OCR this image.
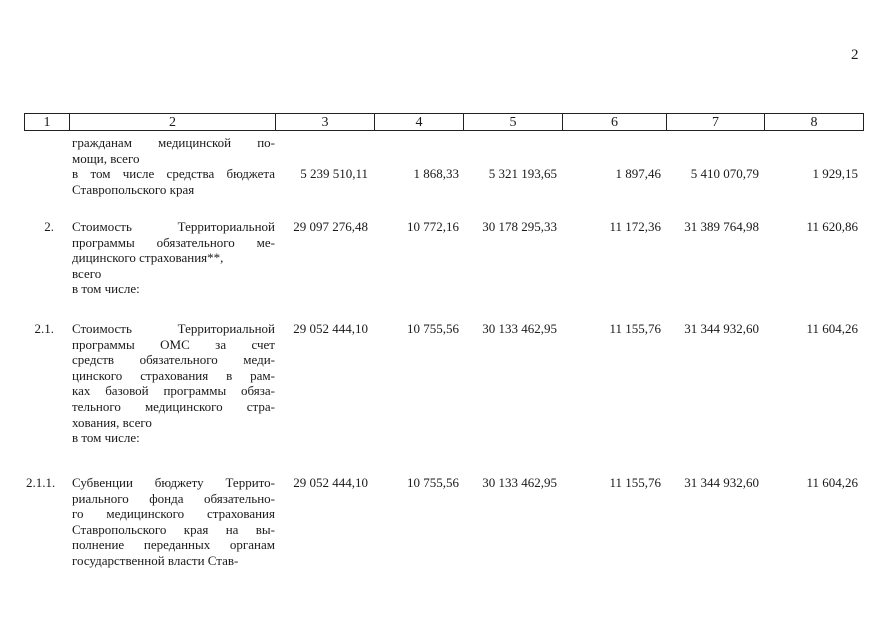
2
1	2	3	4	5	6	7	8
гражданам медицинской по-
мощи, всего
в том числе средства бюджета
Ставропольского края
5 239 510,11	1 868,33	5 321 193,65	1 897,46	5 410 070,79	1 929,15
2. Стоимость Территориальной
программы обязательного ме-
дицинского страхования**,
всего
в том числе:
29 097 276,48	10 772,16	30 178 295,33	11 172,36	31 389 764,98	11 620,86
2.1. Стоимость Территориальной
программы ОМС за счет
средств обязательного меди-
цинского страхования в рам-
ках базовой программы обяза-
тельного медицинского стра-
хования, всего
в том числе:
29 052 444,10	10 755,56	30 133 462,95	11 155,76	31 344 932,60	11 604,26
2.1.1. Субвенции бюджету Террито-
риального фонда обязательно-
го медицинского страхования
Ставропольского края на вы-
полнение переданных органам
государственной власти Став-
29 052 444,10	10 755,56	30 133 462,95	11 155,76	31 344 932,60	11 604,26
